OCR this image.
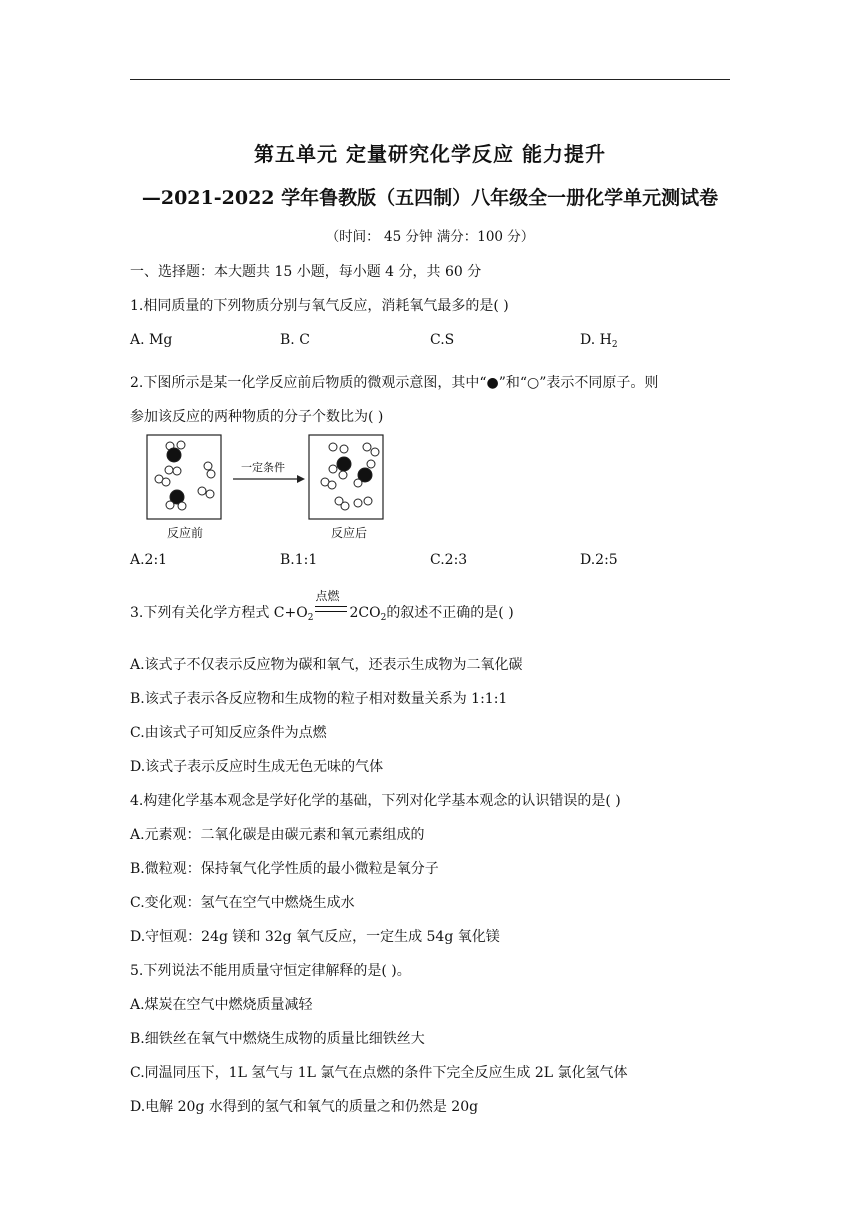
第五单元 定量研究化学反应 能力提升
—2021-2022 学年鲁教版（五四制）八年级全一册化学单元测试卷
（时间： 45 分钟 满分：100 分）
一、选择题：本大题共 15 小题，每小题 4 分，共 60 分
1.相同质量的下列物质分别与氧气反应，消耗氧气最多的是( )
A. Mg	B. C	C.S	D. $H_2$
2.下图所示是某一化学反应前后物质的微观示意图，其中“●”和“○”表示不同原子。则
参加该反应的两种物质的分子个数比为( )
一定条件
反应前	反应后
A.2:1	B.1:1	C.2:3	D.2:5
3.下列有关化学方程式 $C+O_2$
点燃
$2CO_2$的叙述不正确的是( )
A.该式子不仅表示反应物为碳和氧气，还表示生成物为二氧化碳
B.该式子表示各反应物和生成物的粒子相对数量关系为 1:1:1
C.由该式子可知反应条件为点燃
D.该式子表示反应时生成无色无味的气体
4.构建化学基本观念是学好化学的基础，下列对化学基本观念的认识错误的是( )
A.元素观：二氧化碳是由碳元素和氧元素组成的
B.微粒观：保持氧气化学性质的最小微粒是氧分子
C.变化观：氢气在空气中燃烧生成水
D.守恒观：24g 镁和 32g 氧气反应，一定生成 54g 氧化镁
5.下列说法不能用质量守恒定律解释的是( )。
A.煤炭在空气中燃烧质量减轻
B.细铁丝在氧气中燃烧生成物的质量比细铁丝大
C.同温同压下，1L 氢气与 1L 氯气在点燃的条件下完全反应生成 2L 氯化氢气体
D.电解 20g 水得到的氢气和氧气的质量之和仍然是 20g
